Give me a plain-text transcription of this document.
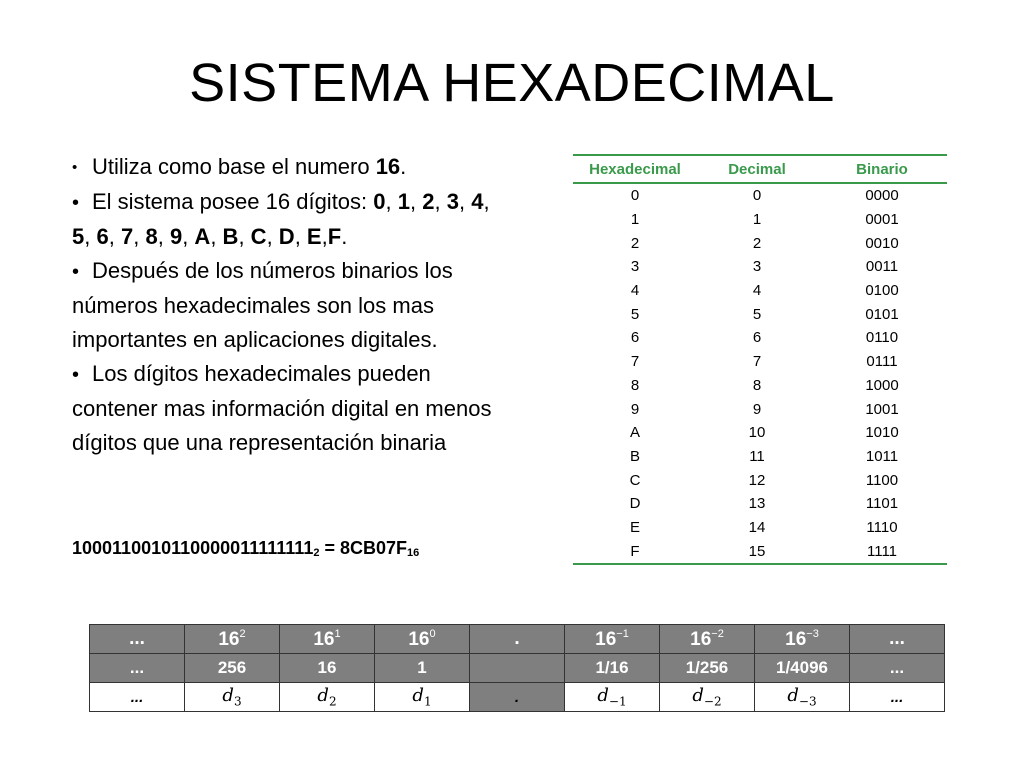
SISTEMA HEXADECIMAL

• Utiliza como base el numero 16.

• El sistema posee 16 dígitos: 0, 1, 2, 3, 4, 5, 6, 7, 8, 9, A, B, C, D, E,F.

• Después de los números binarios los números hexadecimales son los mas importantes en aplicaciones digitales.

• Los dígitos hexadecimales pueden contener mas información digital en menos dígitos que una representación binaria

$1000110010110000011111111_2 = 8CB07F_{16}$
Hexadecimal	Decimal	Binario
0	0	0000
1	1	0001
2	2	0010
3	3	0011
4	4	0100
5	5	0101
6	6	0110
7	7	0111
8	8	1000
9	9	1001
A	10	1010
B	11	1011
C	12	1100
D	13	1101
E	14	1110
F	15	1111
...	$16^2$	$16^1$	$16^0$	.	$16^{-1}$	$16^{-2}$	$16^{-3}$	...
...	256	16	1		1/16	1/256	1/4096	...
...	$d_3$	$d_2$	$d_1$	.	$d_{-1}$	$d_{-2}$	$d_{-3}$	...
